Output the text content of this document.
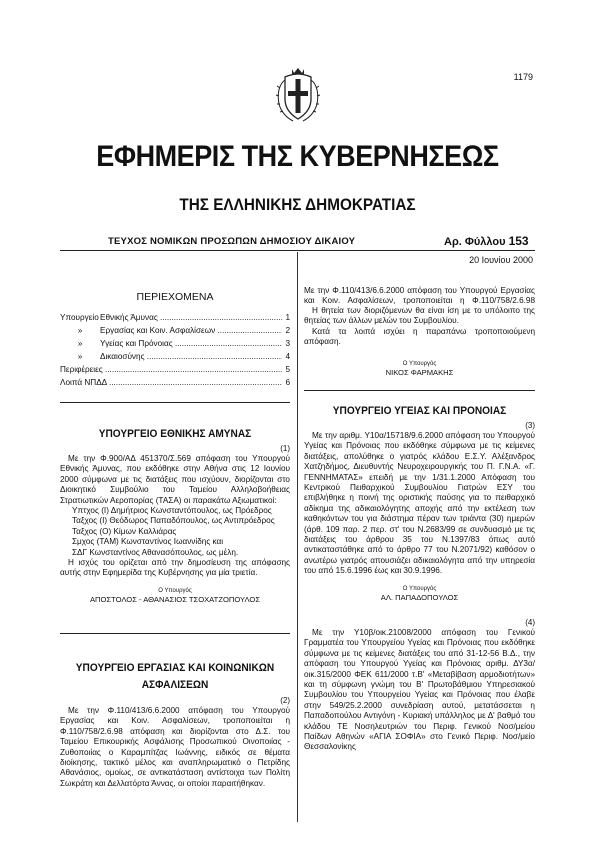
1179
ΕΦΗΜΕΡΙΣ ΤΗΣ ΚΥΒΕΡΝΗΣΕΩΣ
ΤΗΣ ΕΛΛΗΝΙΚΗΣ ΔΗΜΟΚΡΑΤΙΑΣ
ΤΕΥΧΟΣ ΝΟΜΙΚΩΝ ΠΡΟΣΩΠΩΝ ΔΗΜΟΣΙΟΥ ΔΙΚΑΙΟΥ	Αρ. Φύλλου 153
20 Ιουνίου 2000
ΠΕΡΙΕΧΟΜΕΝΑ
Υπουργείο Εθνικής Άμυνας .....	1
»	Εργασίας και Κοιν. Ασφαλίσεων .....	2
»	Υγείας και Πρόνοιας .....	3
»	Δικαιοσύνης .....	4
Περιφέρειες .....	5
Λοιπά ΝΠΔΔ .....	6
ΥΠΟΥΡΓΕΙΟ ΕΘΝΙΚΗΣ ΑΜΥΝΑΣ
(1)

Με την Φ.900/ΑΔ 451370/Σ.569 απόφαση του Υπουργού Εθνικής Άμυνας, που εκδόθηκε στην Αθήνα στις 12 Ιουνίου 2000 σύμφωνα με τις διατάξεις που ισχύουν, διορίζονται στο Διοικητικό Συμβούλιο του Ταμείου Αλληλοβοήθειας Στρατιωτικών Αεροπορίας (ΤΑΣΑ) οι παρακάτω Αξιωματικοί:

Υπτχος (Ι) Δημήτριος Κωνσταντόπουλος, ως Πρόεδρος

Ταξχος (Ι) Θεόδωρος Παπαδόπουλος, ως Αντιπρόεδρος

Ταξχος (Ο) Κίμων Καλλιάρας

Σμχος (ΤΑΜ) Κωνσταντίνος Ιωαννίδης και

ΣΔΓ Κωνσταντίνος Αθανασόπουλος, ως μέλη.

Η ισχύς του ορίζεται από την δημοσίευση της απόφασης αυτής στην Εφημερίδα της Κυβέρνησης για μία τριετία.

Ο Υπουργός
ΑΠΟΣΤΟΛΟΣ - ΑΘΑΝΑΣΙΟΣ ΤΣΟΧΑΤΖΟΠΟΥΛΟΣ
ΥΠΟΥΡΓΕΙΟ ΕΡΓΑΣΙΑΣ ΚΑΙ ΚΟΙΝΩΝΙΚΩΝ
ΑΣΦΑΛΙΣΕΩΝ
(2)

Με την Φ.110/413/6.6.2000 απόφαση του Υπουργού Εργασίας και Κοιν. Ασφαλίσεων, τροποποιείται η Φ.110/758/2.6.98 απόφαση και διορίζονται στο Δ.Σ. του Ταμείου Επικουρικής Ασφάλισης Προσωπικού Οινοποιίας - Ζυθοποιίας ο Καραμπίτζας Ιωάννης, ειδικός σε θέματα διοίκησης, τακτικό μέλος και αναπληρωματικό ο Πετρίδης Αθανάσιος, ομοίως, σε αντικατάσταση αντίστοιχα των Πολίτη Σωκράτη και Δελλατόρτα Άννας, οι οποίοι παραιτήθηκαν.

Με την Φ.110/413/6.6.2000 απόφαση του Υπουργού Εργασίας και Κοιν. Ασφαλίσεων, τροποποιείται η Φ.110/758/2.6.98

Η θητεία των διοριζόμενων θα είναι ίση με το υπόλοιπο της θητείας των άλλων μελών του Συμβουλίου.

Κατά τα λοιπά ισχύει η παραπάνω τροποποιούμενη απόφαση.

Ο Υπουργός
ΝΙΚΟΣ ΦΑΡΜΑΚΗΣ
ΥΠΟΥΡΓΕΙΟ ΥΓΕΙΑΣ ΚΑΙ ΠΡΟΝΟΙΑΣ
(3)

Με την αριθμ. Υ10α/15718/9.6.2000 απόφαση του Υπουργού Υγείας και Πρόνοιας που εκδόθηκε σύμφωνα με τις κείμενες διατάξεις, απολύθηκε ο γιατρός κλάδου Ε.Σ.Υ. Αλέξανδρος Χατζηδήμος, Διευθυντής Νευροχειρουργικής του Π. Γ.Ν.Α. «Γ. ΓΕΝΝΗΜΑΤΑΣ» επειδή με την 1/31.1.2000 Απόφαση του Κεντρικού Πειθαρχικού Συμβουλίου Γιατρών ΕΣΥ του επιβλήθηκε η ποινή της οριστικής παύσης για το πειθαρχικό αδίκημα της αδικαιολόγητης αποχής από την εκτέλεση των καθηκόντων του για διάστημα πέραν των τριάντα (30) ημερών (άρθ. 109 παρ. 2 περ. στ' του Ν.2683/99 σε συνδυασμό με τις διατάξεις του άρθρου 35 του Ν.1397/83 όπως αυτό αντικαταστάθηκε από το άρθρο 77 του Ν.2071/92) καθόσον ο ανωτέρω γιατρός απουσιάζει αδικαιολόγητα από την υπηρεσία του από 15.6.1996 έως και 30.9.1996.

Ο Υπουργός
ΑΛ. ΠΑΠΑΔΟΠΟΥΛΟΣ
(4)

Με την Υ10β/οικ.21008/2000 απόφαση του Γενικού Γραμματέα του Υπουργείου Υγείας και Πρόνοιας που εκδόθηκε σύμφωνα με τις κείμενες διατάξεις του από 31-12-56 Β.Δ., την απόφαση του Υπουργού Υγείας και Πρόνοιας αριθμ. ΔΥ3α/οικ.315/2000 ΦΕΚ 611/2000 τ.Β' «Μεταβίβαση αρμοδιοτήτων» και τη σύμφωνη γνώμη του Β' Πρωτοβάθμιου Υπηρεσιακού Συμβουλίου του Υπουργείου Υγείας και Πρόνοιας που έλαβε στην 549/25.2.2000 συνεδρίαση αυτού, μετατάσσεται η Παπαδοπούλου Αντιγόνη - Κυριακή υπάλληλος με Δ' βαθμό του κλάδου ΤΕ Νοσηλευτριών του Περιφ. Γενικού Νοσ/μείου Παίδων Αθηνών «ΑΓΙΑ ΣΟΦΙΑ» στο Γενικό Περιφ. Νοσ/μείο Θεσσαλονίκης
